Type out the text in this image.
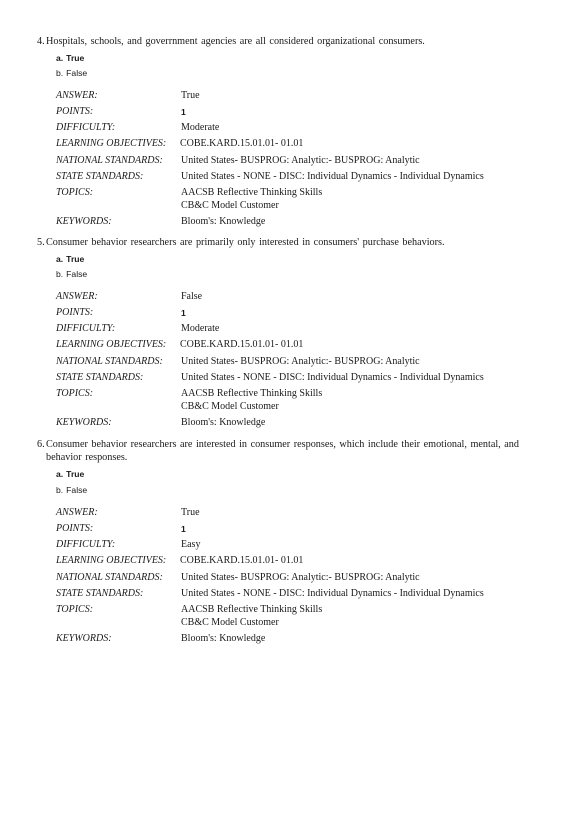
4. Hospitals, schools, and goverrnment agencies are all considered organizational consumers.
a. True
b. False
ANSWER:	True
POINTS:	1
DIFFICULTY:	Moderate
LEARNING OBJECTIVES: COBE.KARD.15.01.01- 01.01
NATIONAL STANDARDS: United States- BUSPROG: Analytic:- BUSPROG: Analytic
STATE STANDARDS:	United States - NONE - DISC: Individual Dynamics - Individual Dynamics
TOPICS:	AACSB Reflective Thinking Skills
CB&C Model Customer
KEYWORDS:	Bloom's: Knowledge
5. Consumer behavior researchers are primarily only interested in consumers' purchase behaviors.
a. True
b. False
ANSWER:	False
POINTS:	1
DIFFICULTY:	Moderate
LEARNING OBJECTIVES: COBE.KARD.15.01.01- 01.01
NATIONAL STANDARDS: United States- BUSPROG: Analytic:- BUSPROG: Analytic
STATE STANDARDS:	United States - NONE - DISC: Individual Dynamics - Individual Dynamics
TOPICS:	AACSB Reflective Thinking Skills
CB&C Model Customer
KEYWORDS:	Bloom's: Knowledge
6. Consumer behavior researchers are interested in consumer responses, which include their emotional, mental, and behavior responses.
a. True
b. False
ANSWER:	True
POINTS:	1
DIFFICULTY:	Easy
LEARNING OBJECTIVES: COBE.KARD.15.01.01- 01.01
NATIONAL STANDARDS: United States- BUSPROG: Analytic:- BUSPROG: Analytic
STATE STANDARDS:	United States - NONE - DISC: Individual Dynamics - Individual Dynamics
TOPICS:	AACSB Reflective Thinking Skills
CB&C Model Customer
KEYWORDS:	Bloom's: Knowledge
